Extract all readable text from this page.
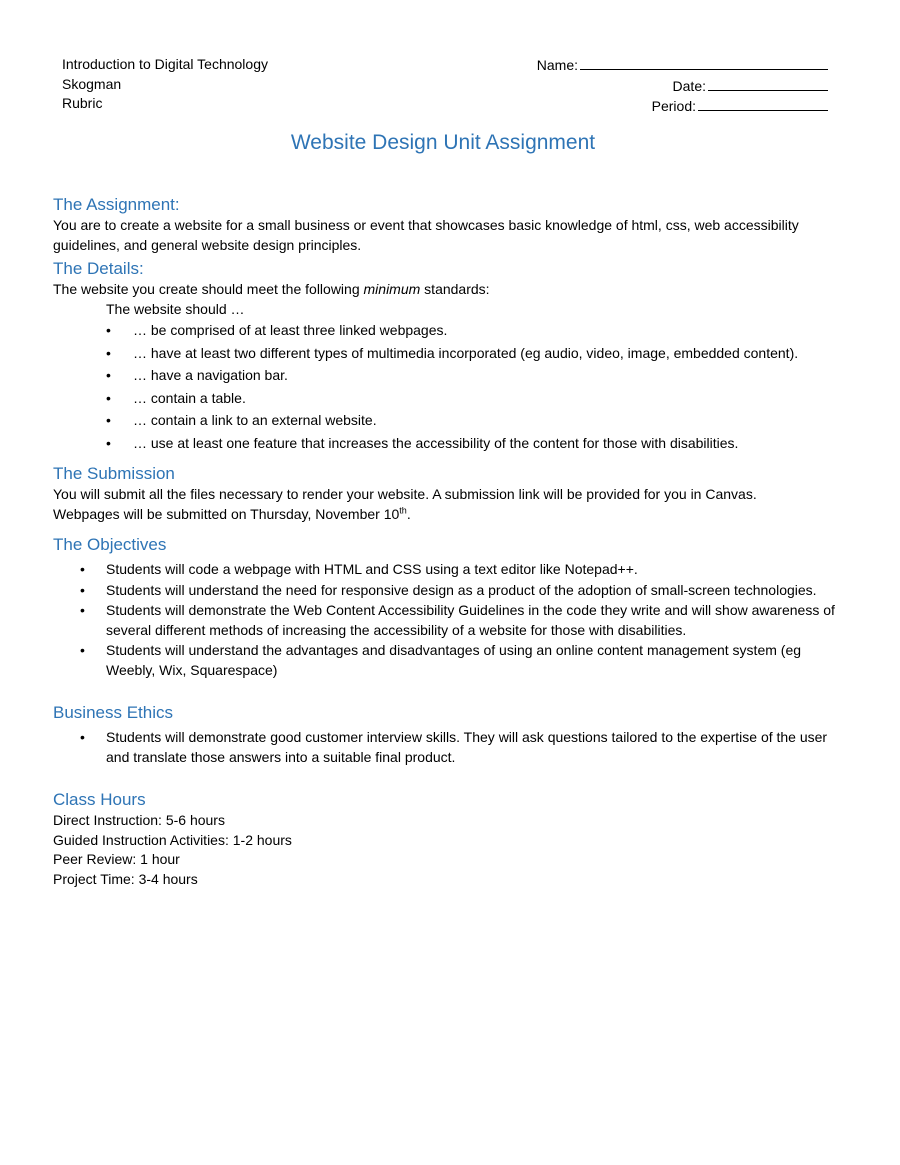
Introduction to Digital Technology
Skogman
Rubric
Name:
Date:
Period:
Website Design Unit Assignment
The Assignment:

You are to create a website for a small business or event that showcases basic knowledge of html, css, web accessibility guidelines, and general website design principles.

The Details:

The website you create should meet the following minimum standards:

The website should …

• … be comprised of at least three linked webpages.
• … have at least two different types of multimedia incorporated (eg audio, video, image, embedded content).
• … have a navigation bar.
• … contain a table.
• … contain a link to an external website.
• … use at least one feature that increases the accessibility of the content for those with disabilities.
The Submission

You will submit all the files necessary to render your website. A submission link will be provided for you in Canvas.

Webpages will be submitted on Thursday, November 10th.

The Objectives
• Students will code a webpage with HTML and CSS using a text editor like Notepad++.
• Students will understand the need for responsive design as a product of the adoption of small-screen technologies.
• Students will demonstrate the Web Content Accessibility Guidelines in the code they write and will show awareness of several different methods of increasing the accessibility of a website for those with disabilities.
• Students will understand the advantages and disadvantages of using an online content management system (eg Weebly, Wix, Squarespace)
Business Ethics
• Students will demonstrate good customer interview skills. They will ask questions tailored to the expertise of the user and translate those answers into a suitable final product.
Class Hours

Direct Instruction: 5-6 hours

Guided Instruction Activities: 1-2 hours

Peer Review: 1 hour

Project Time: 3-4 hours
